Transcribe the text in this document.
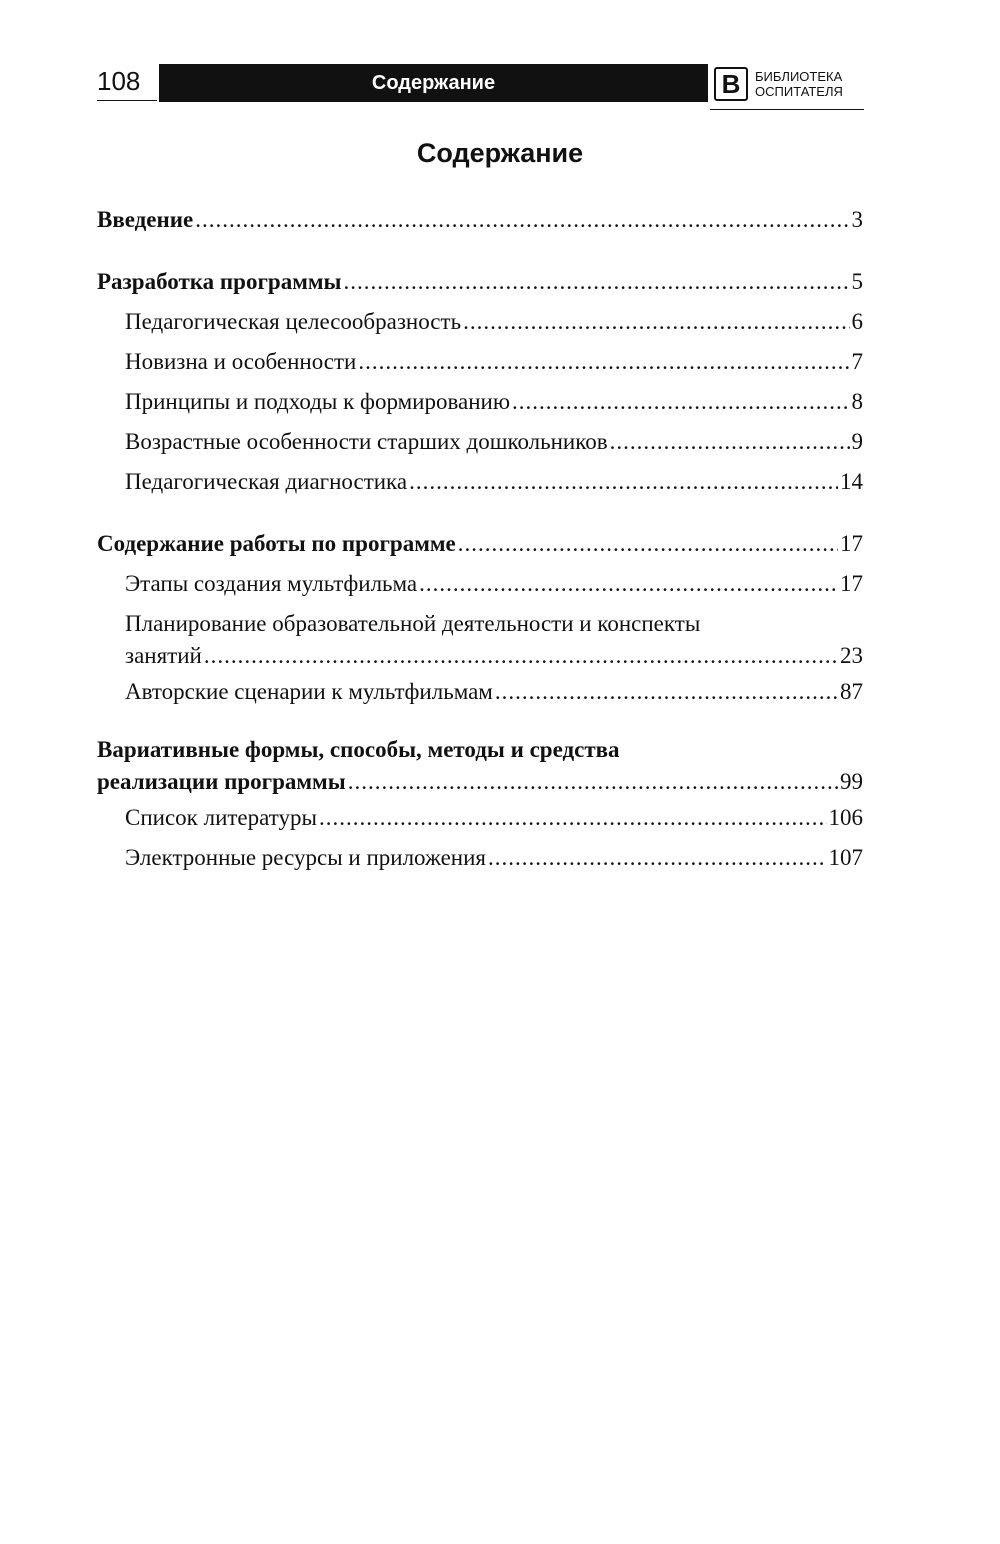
108	Содержание	В	БИБЛИОТЕКА
ОСПИТАТЕЛЯ
Содержание
Введение .....	3
Разработка программы .....	5
Педагогическая целесообразность .....	6
Новизна и особенности .....	7
Принципы и подходы к формированию .....	8
Возрастные особенности старших дошкольников .....	9
Педагогическая диагностика .....	14
Содержание работы по программе .....	17
Этапы создания мультфильма .....	17
Планирование образовательной деятельности и конспекты
занятий .....	23
Авторские сценарии к мультфильмам .....	87
Вариативные формы, способы, методы и средства
реализации программы .....	99
Список литературы .....	106
Электронные ресурсы и приложения .....	107
